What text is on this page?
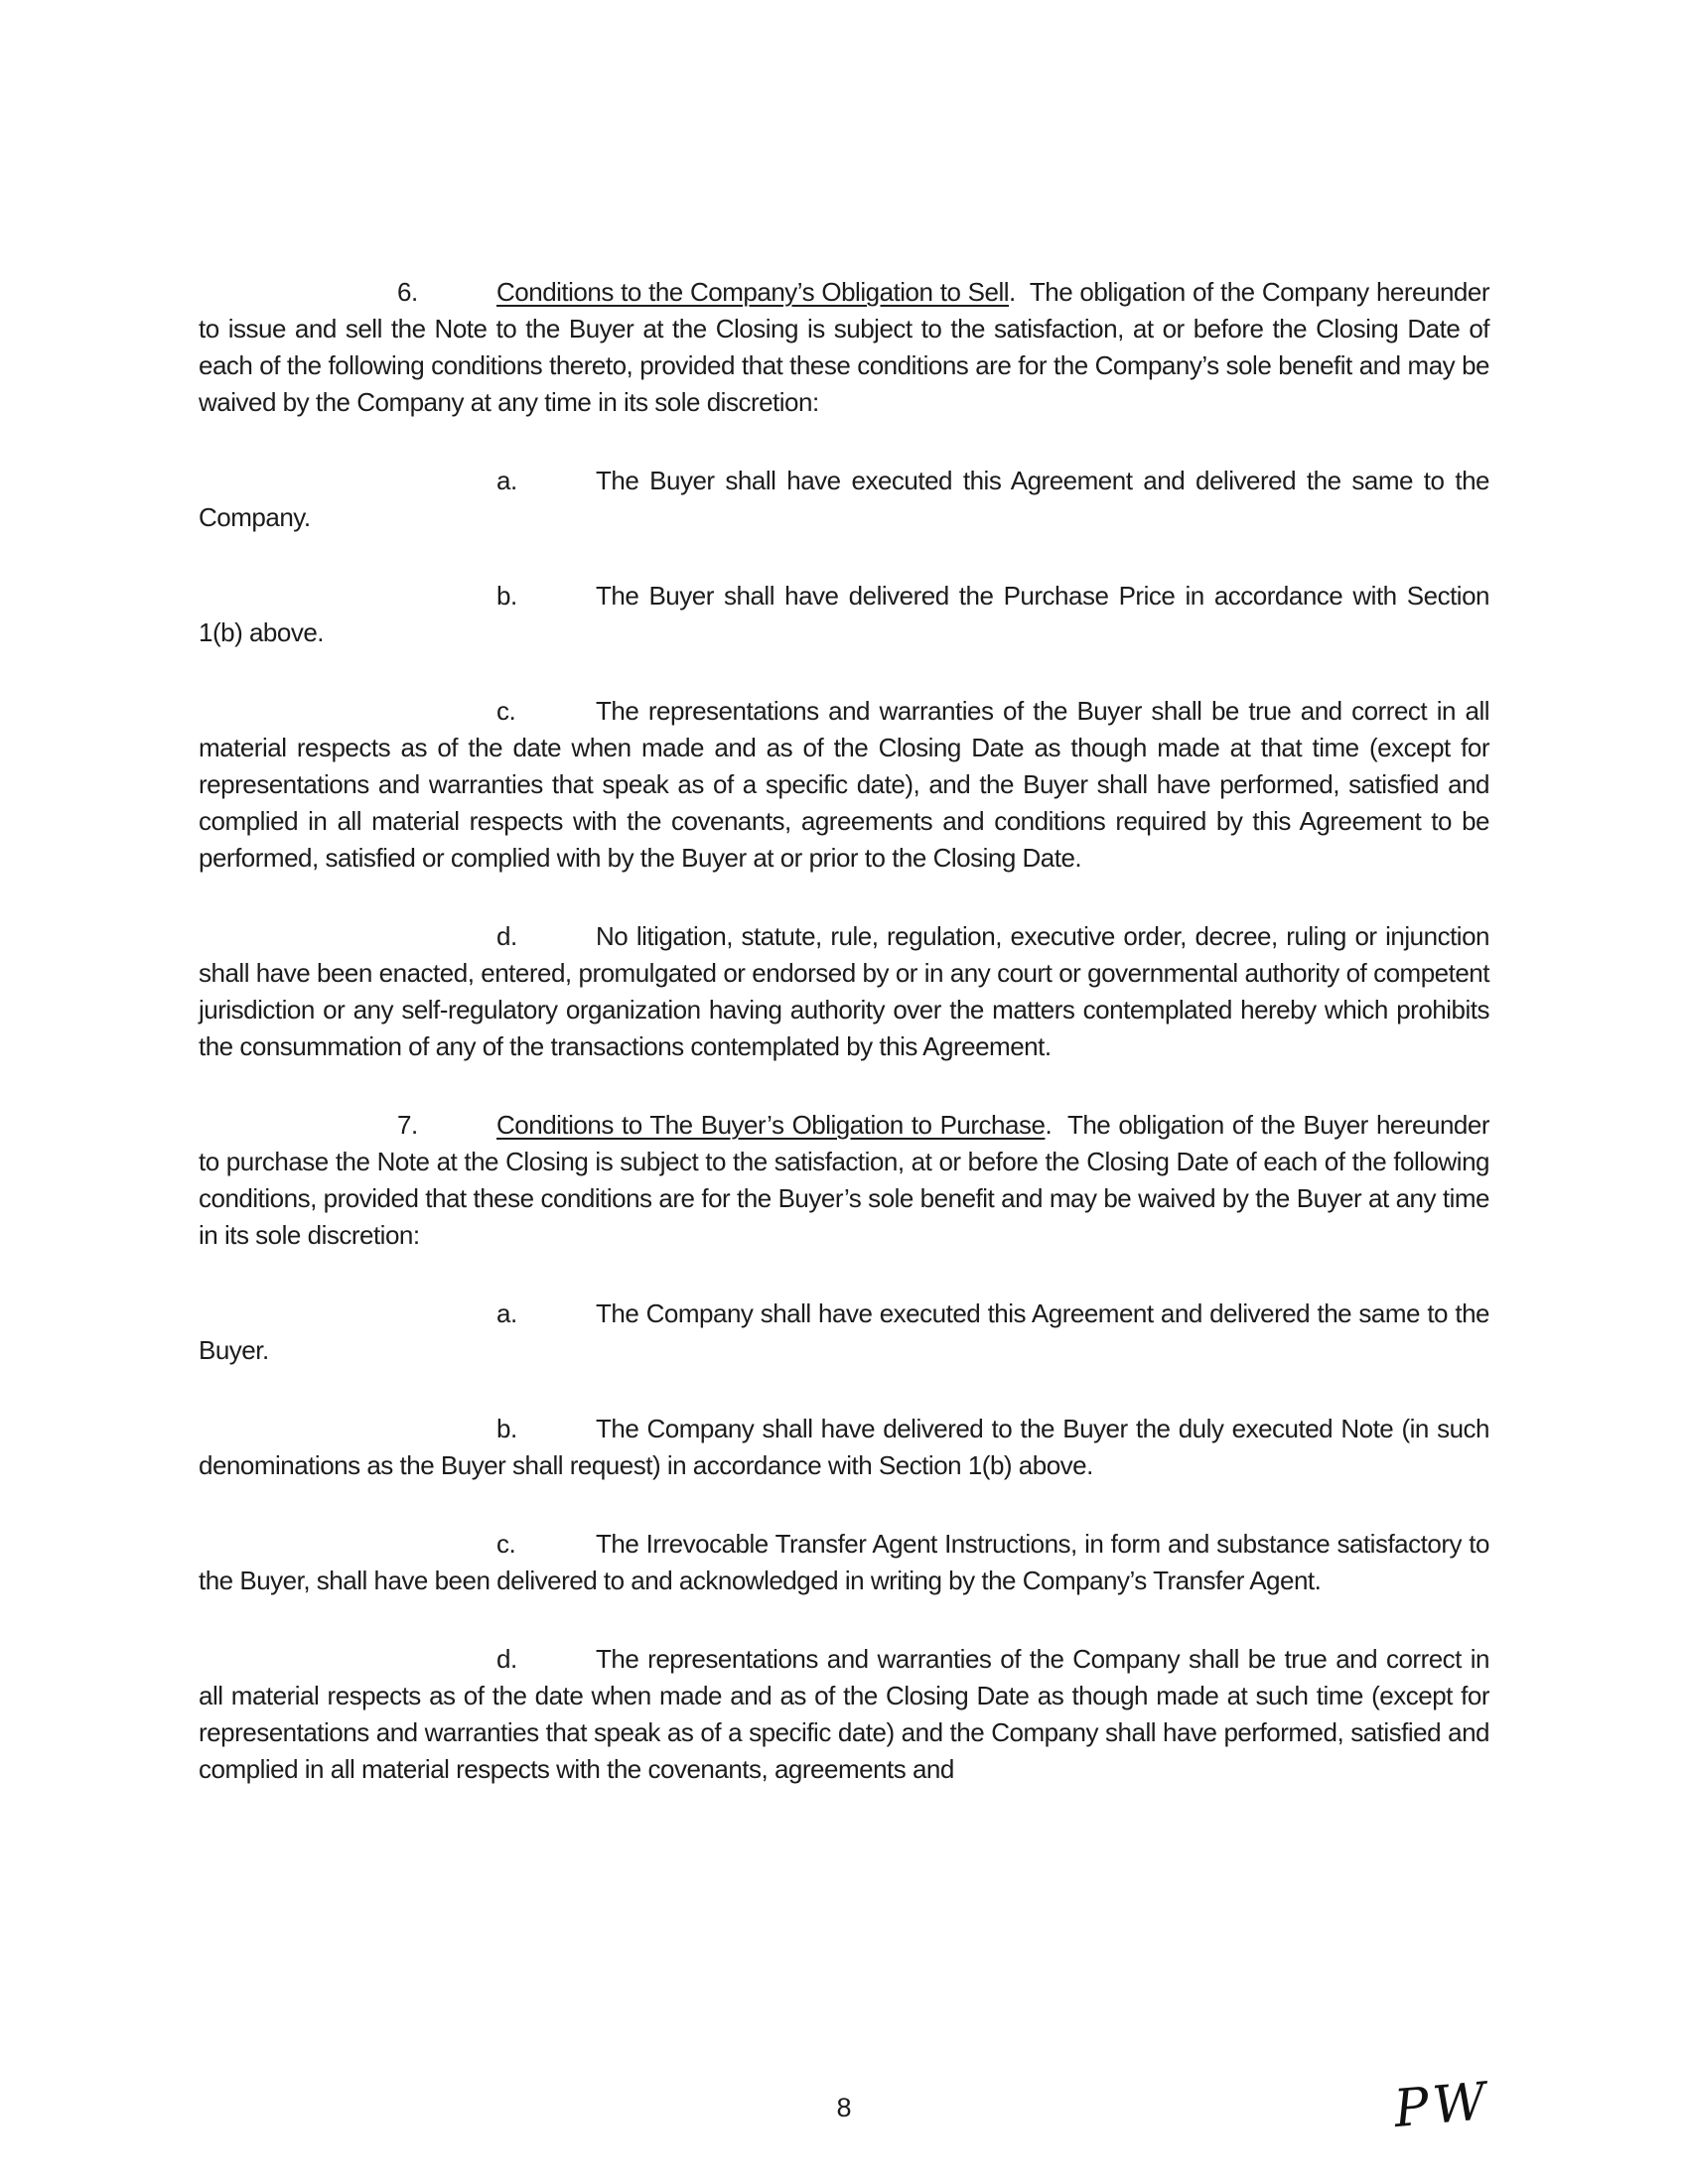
6.	Conditions to the Company’s Obligation to Sell.  The obligation of the Company hereunder to issue and sell the Note to the Buyer at the Closing is subject to the satisfaction, at or before the Closing Date of each of the following conditions thereto, provided that these conditions are for the Company’s sole benefit and may be waived by the Company at any time in its sole discretion:

a.	The Buyer shall have executed this Agreement and delivered the same to the Company.

b.	The Buyer shall have delivered the Purchase Price in accordance with Section 1(b) above.

c.	The representations and warranties of the Buyer shall be true and correct in all material respects as of the date when made and as of the Closing Date as though made at that time (except for representations and warranties that speak as of a specific date), and the Buyer shall have performed, satisfied and complied in all material respects with the covenants, agreements and conditions required by this Agreement to be performed, satisfied or complied with by the Buyer at or prior to the Closing Date.

d.	No litigation, statute, rule, regulation, executive order, decree, ruling or injunction shall have been enacted, entered, promulgated or endorsed by or in any court or governmental authority of competent jurisdiction or any self-regulatory organization having authority over the matters contemplated hereby which prohibits the consummation of any of the transactions contemplated by this Agreement.

7.	Conditions to The Buyer’s Obligation to Purchase.  The obligation of the Buyer hereunder to purchase the Note at the Closing is subject to the satisfaction, at or before the Closing Date of each of the following conditions, provided that these conditions are for the Buyer’s sole benefit and may be waived by the Buyer at any time in its sole discretion:

a.	The Company shall have executed this Agreement and delivered the same to the Buyer.

b.	The Company shall have delivered to the Buyer the duly executed Note (in such denominations as the Buyer shall request) in accordance with Section 1(b) above.

c.	The Irrevocable Transfer Agent Instructions, in form and substance satisfactory to the Buyer, shall have been delivered to and acknowledged in writing by the Company’s Transfer Agent.

d.	The representations and warranties of the Company shall be true and correct in all material respects as of the date when made and as of the Closing Date as though made at such time (except for representations and warranties that speak as of a specific date) and the Company shall have performed, satisfied and complied in all material respects with the covenants, agreements and

8	PW
